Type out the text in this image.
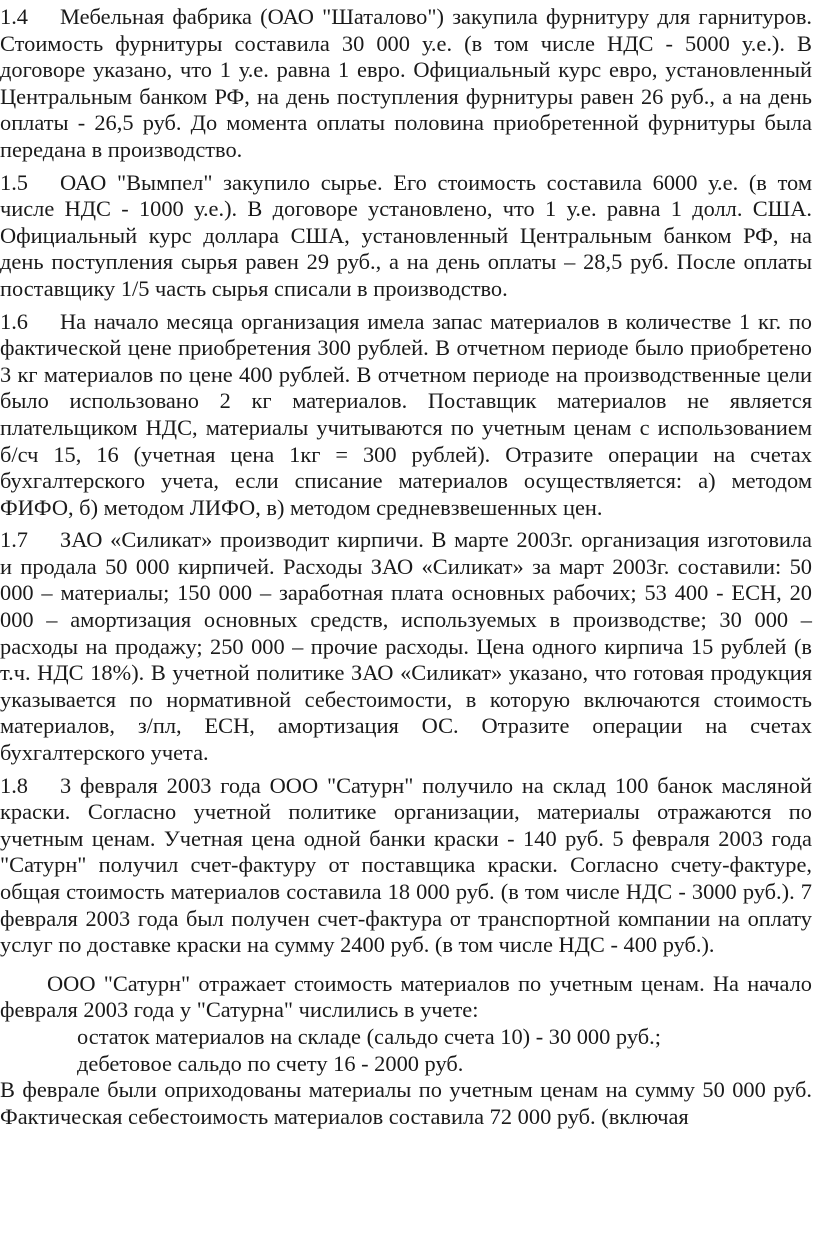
1.4 Мебельная фабрика (ОАО "Шаталово") закупила фурнитуру для гарнитуров. Стоимость фурнитуры составила 30 000 у.е. (в том числе НДС - 5000 у.е.). В договоре указано, что 1 у.е. равна 1 евро. Официальный курс евро, установленный Центральным банком РФ, на день поступления фурнитуры равен 26 руб., а на день оплаты - 26,5 руб. До момента оплаты половина приобретенной фурнитуры была передана в производство.

1.5 ОАО "Вымпел" закупило сырье. Его стоимость составила 6000 у.е. (в том числе НДС - 1000 у.е.). В договоре установлено, что 1 у.е. равна 1 долл. США. Официальный курс доллара США, установленный Центральным банком РФ, на день поступления сырья равен 29 руб., а на день оплаты – 28,5 руб. После оплаты поставщику 1/5 часть сырья списали в производство.

1.6 На начало месяца организация имела запас материалов в количестве 1 кг. по фактической цене приобретения 300 рублей. В отчетном периоде было приобретено 3 кг материалов по цене 400 рублей. В отчетном периоде на производственные цели было использовано 2 кг материалов. Поставщик материалов не является плательщиком НДС, материалы учитываются по учетным ценам с использованием б/сч 15, 16 (учетная цена 1кг = 300 рублей). Отразите операции на счетах бухгалтерского учета, если списание материалов осуществляется: а) методом ФИФО, б) методом ЛИФО, в) методом средневзвешенных цен.

1.7 ЗАО «Силикат» производит кирпичи. В марте 2003г. организация изготовила и продала 50 000 кирпичей. Расходы ЗАО «Силикат» за март 2003г. составили: 50 000 – материалы; 150 000 – заработная плата основных рабочих; 53 400 - ЕСН, 20 000 – амортизация основных средств, используемых в производстве; 30 000 – расходы на продажу; 250 000 – прочие расходы. Цена одного кирпича 15 рублей (в т.ч. НДС 18%). В учетной политике ЗАО «Силикат» указано, что готовая продукция указывается по нормативной себестоимости, в которую включаются стоимость материалов, з/пл, ЕСН, амортизация ОС. Отразите операции на счетах бухгалтерского учета.

1.8 3 февраля 2003 года ООО "Сатурн" получило на склад 100 банок масляной краски. Согласно учетной политике организации, материалы отражаются по учетным ценам. Учетная цена одной банки краски - 140 руб. 5 февраля 2003 года "Сатурн" получил счет-фактуру от поставщика краски. Согласно счету-фактуре, общая стоимость материалов составила 18 000 руб. (в том числе НДС - 3000 руб.). 7 февраля 2003 года был получен счет-фактура от транспортной компании на оплату услуг по доставке краски на сумму 2400 руб. (в том числе НДС - 400 руб.).

ООО "Сатурн" отражает стоимость материалов по учетным ценам. На начало февраля 2003 года у "Сатурна" числились в учете:

остаток материалов на складе (сальдо счета 10) - 30 000 руб.;

дебетовое сальдо по счету 16 - 2000 руб.

В феврале были оприходованы материалы по учетным ценам на сумму 50 000 руб. Фактическая себестоимость материалов составила 72 000 руб. (включая
